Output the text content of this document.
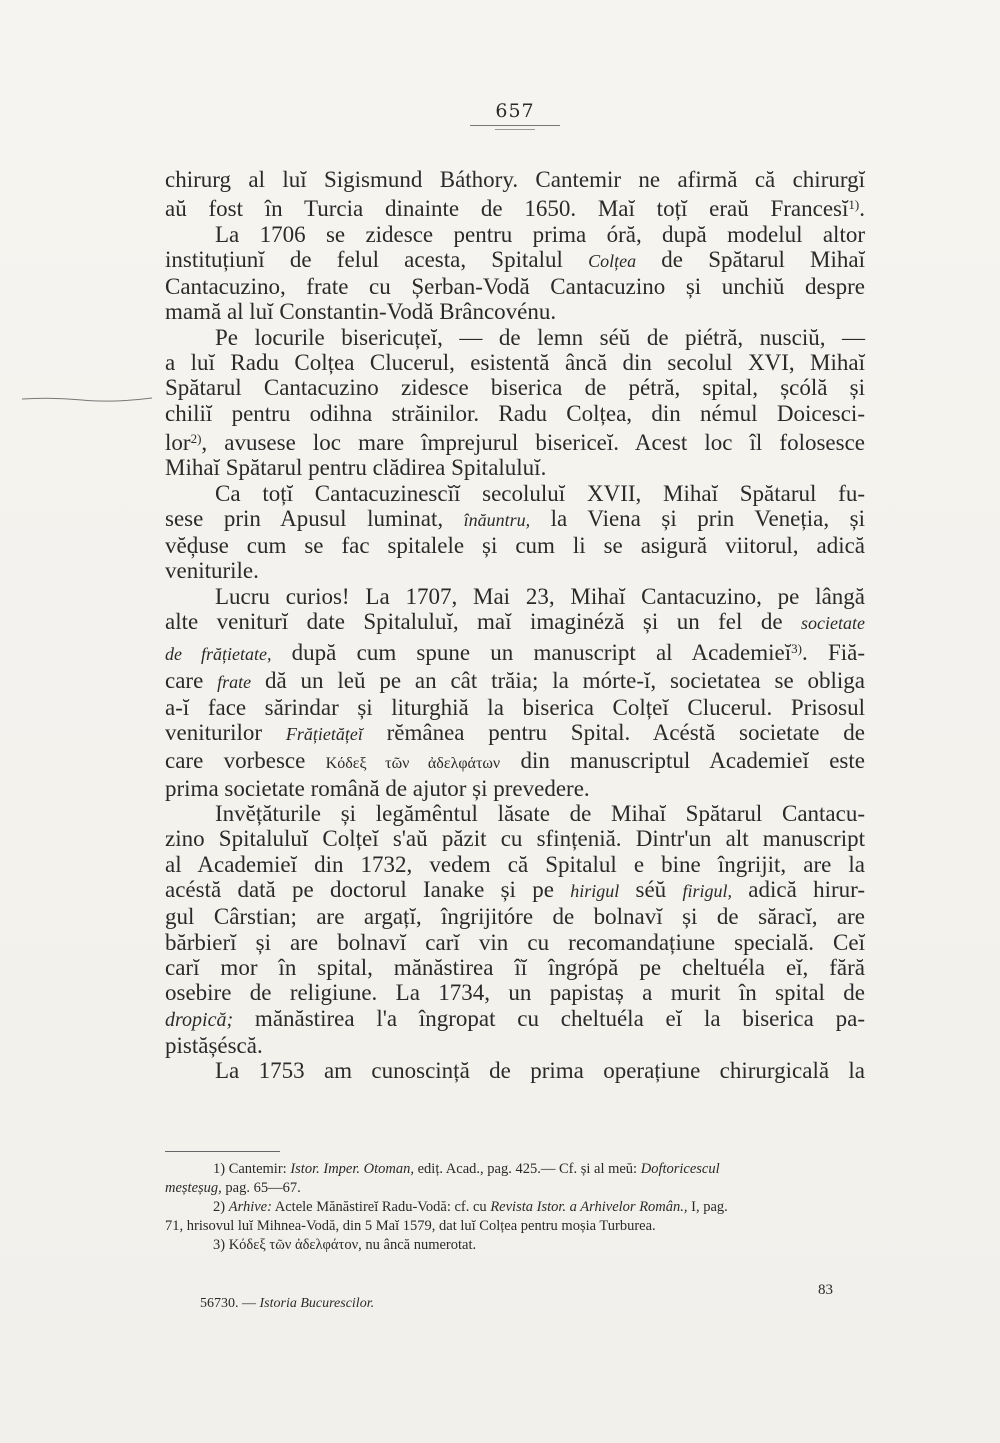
657
chirurg al luĭ Sigismund Báthory. Cantemir ne afirmă că chirurgĭ
aŭ fost în Turcia dinainte de 1650. Maĭ toțĭ eraŭ Francesĭ$^{1)}$.
La 1706 se zidesce pentru prima óră, după modelul altor
instituțiunĭ de felul acesta, Spitalul Colțea de Spătarul Mihaĭ
Cantacuzino, frate cu Șerban-Vodă Cantacuzino și unchiŭ despre
mamă al luĭ Constantin-Vodă Brâncovénu.
Pe locurile bisericuțeĭ, — de lemn séŭ de piétră, nusciŭ, —
a luĭ Radu Colțea Clucerul, esistentă âncă din secolul XVI, Mihaĭ
Spătarul Cantacuzino zidesce biserica de pétră, spital, șcólă și
chiliĭ pentru odihna străinilor. Radu Colțea, din némul Doicesci-
lor$^{2)}$, avusese loc mare împrejurul bisericeĭ. Acest loc îl folosesce
Mihaĭ Spătarul pentru clădirea Spitaluluĭ.
Ca toțĭ Cantacuzinescĭĭ secoluluĭ XVII, Mihaĭ Spătarul fu-
sese prin Apusul luminat, înăuntru, la Viena și prin Veneția, și
vĕḑuse cum se fac spitalele și cum li se asigură viitorul, adică
veniturile.
Lucru curios! La 1707, Mai 23, Mihaĭ Cantacuzino, pe lângă
alte veniturĭ date Spitaluluĭ, maĭ imaginéză și un fel de societate
de frățietate, după cum spune un manuscript al Academieĭ$^{3)}$. Fiă-
care frate dă un leŭ pe an cât trăia; la mórte-ĭ, societatea se obliga
a-ĭ face sărindar și liturghiă la biserica Colțeĭ Clucerul. Prisosul
veniturilor Frățietățeĭ rĕmânea pentru Spital. Acéstă societate de
care vorbesce Κόδεξ τῶν ἀδελφάτων din manuscriptul Academieĭ este
prima societate română de ajutor și prevedere.
Invĕțăturile și legămêntul lăsate de Mihaĭ Spătarul Cantacu-
zino Spitaluluĭ Colțeĭ s'aŭ păzit cu sfințeniă. Dintr'un alt manuscript
al Academieĭ din 1732, vedem că Spitalul e bine îngrijit, are la
acéstă dată pe doctorul Ianake și pe hirigul séŭ firigul, adică hirur-
gul Cârstian; are argațĭ, îngrijitóre de bolnavĭ și de săracĭ, are
bărbierĭ și are bolnavĭ carĭ vin cu recomandațiune specială. Ceĭ
carĭ mor în spital, mănăstirea îĭ îngrópă pe cheltuéla eĭ, fără
osebire de religiune. La 1734, un papistaș a murit în spital de
dropică; mănăstirea l'a îngropat cu cheltuéla eĭ la biserica pa-
pistășéscă.
La 1753 am cunoscință de prima operațiune chirurgicală la
1) Cantemir: Istor. Imper. Otoman, ediț. Acad., pag. 425.— Cf. și al meŭ: Doftoricescul
meșteșug, pag. 65—67.
2) Arhive: Actele Mănăstireĭ Radu-Vodă: cf. cu Revista Istor. a Arhivelor Român., I, pag.
71, hrisovul luĭ Mihnea-Vodă, din 5 Maĭ 1579, dat luĭ Colțea pentru moșia Turburea.
3) Κόδεξ τῶν ἀδελφάτον, nu âncă numerotat.
56730. — Istoria Bucurescilor.
83
